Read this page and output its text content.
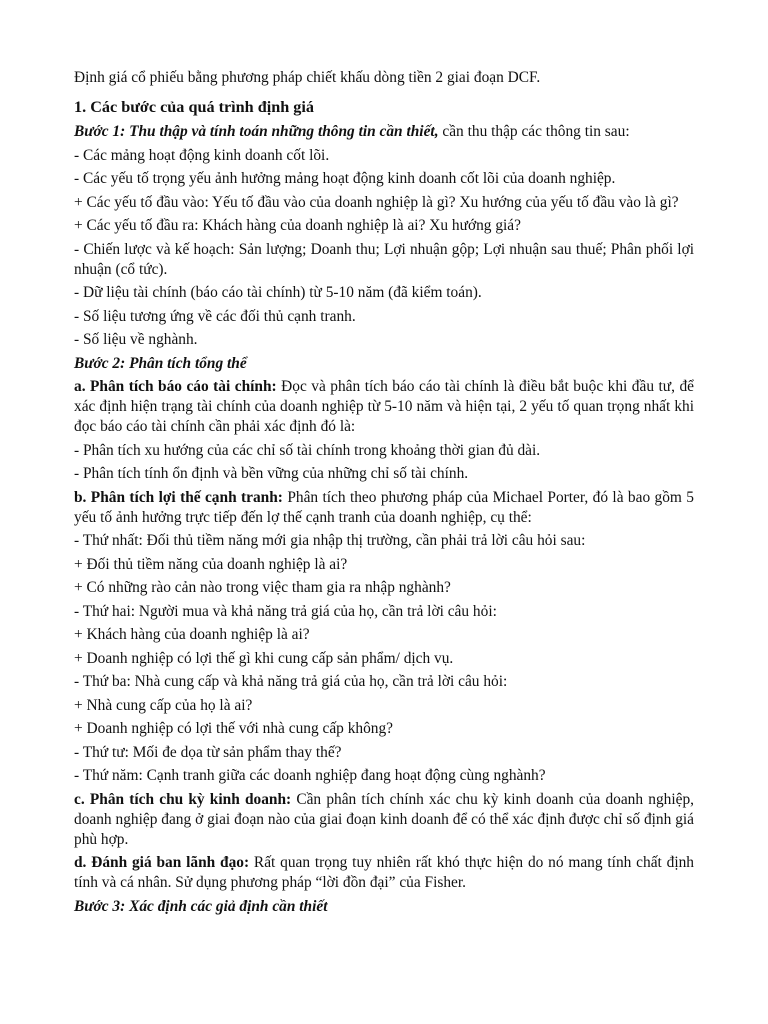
Định giá cổ phiếu bằng phương pháp chiết khấu dòng tiền 2 giai đoạn DCF.

1. Các bước của quá trình định giá

Bước 1: Thu thập và tính toán những thông tin cần thiết, cần thu thập các thông tin sau:

- Các mảng hoạt động kinh doanh cốt lõi.

- Các yếu tố trọng yếu ảnh hưởng mảng hoạt động kinh doanh cốt lõi của doanh nghiệp.

+ Các yếu tố đầu vào: Yếu tố đầu vào của doanh nghiệp là gì? Xu hướng của yếu tố đầu vào là gì?

+ Các yếu tố đầu ra: Khách hàng của doanh nghiệp là ai? Xu hướng giá?

- Chiến lược và kế hoạch: Sản lượng; Doanh thu; Lợi nhuận gộp; Lợi nhuận sau thuế; Phân phối lợi nhuận (cổ tức).

- Dữ liệu tài chính (báo cáo tài chính) từ 5-10 năm (đã kiểm toán).

- Số liệu tương ứng về các đối thủ cạnh tranh.

- Số liệu về nghành.

Bước 2: Phân tích tổng thể

a. Phân tích báo cáo tài chính: Đọc và phân tích báo cáo tài chính là điều bắt buộc khi đầu tư, để xác định hiện trạng tài chính của doanh nghiệp từ 5-10 năm và hiện tại, 2 yếu tố quan trọng nhất khi đọc báo cáo tài chính cần phải xác định đó là:

- Phân tích xu hướng của các chỉ số tài chính trong khoảng thời gian đủ dài.

- Phân tích tính ổn định và bền vững của những chỉ số tài chính.

b. Phân tích lợi thế cạnh tranh: Phân tích theo phương pháp của Michael Porter, đó là bao gồm 5 yếu tố ảnh hưởng trực tiếp đến lợ thế cạnh tranh của doanh nghiệp, cụ thể:

- Thứ nhất: Đối thủ tiềm năng mới gia nhập thị trường, cần phải trả lời câu hỏi sau:

+ Đối thủ tiềm năng của doanh nghiệp là ai?

+ Có những rào cản nào trong việc tham gia ra nhập nghành?

- Thứ hai: Người mua và khả năng trả giá của họ, cần trả lời câu hỏi:

+ Khách hàng của doanh nghiệp là ai?

+ Doanh nghiệp có lợi thế gì khi cung cấp sản phẩm/ dịch vụ.

- Thứ ba: Nhà cung cấp và khả năng trả giá của họ, cần trả lời câu hỏi:

+ Nhà cung cấp của họ là ai?

+ Doanh nghiệp có lợi thế với nhà cung cấp không?

- Thứ tư: Mối đe dọa từ sản phẩm thay thế?

- Thứ năm: Cạnh tranh giữa các doanh nghiệp đang hoạt động cùng nghành?

c. Phân tích chu kỳ kinh doanh: Cần phân tích chính xác chu kỳ kinh doanh của doanh nghiệp, doanh nghiệp đang ở giai đoạn nào của giai đoạn kinh doanh để có thể xác định được chỉ số định giá phù hợp.

d. Đánh giá ban lãnh đạo: Rất quan trọng tuy nhiên rất khó thực hiện do nó mang tính chất định tính và cá nhân. Sử dụng phương pháp “lời đồn đại” của Fisher.

Bước 3: Xác định các giả định cần thiết
